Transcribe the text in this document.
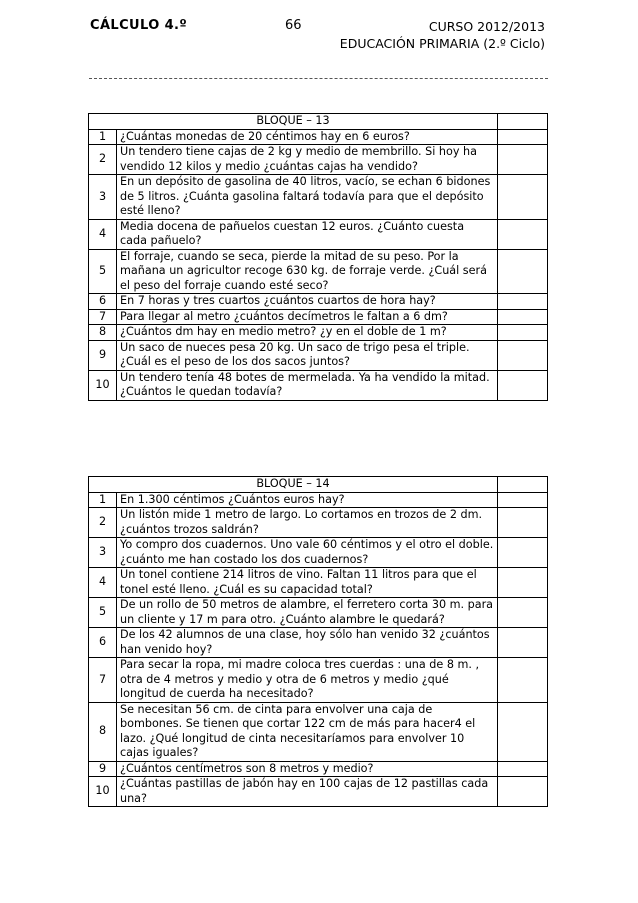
CÁLCULO 4.º	66	CURSO 2012/2013
EDUCACIÓN PRIMARIA (2.º Ciclo)
BLOQUE – 13		
1	¿Cuántas monedas de 20 céntimos hay en 6 euros?	
2	Un tendero tiene cajas de 2 kg y medio de membrillo. Si hoy ha vendido 12 kilos y medio ¿cuántas cajas ha vendido?	
3	En un depósito de gasolina de 40 litros, vacío, se echan 6 bidones de 5 litros. ¿Cuánta gasolina faltará todavía para que el depósito esté lleno?	
4	Media docena de pañuelos cuestan 12 euros. ¿Cuánto cuesta cada pañuelo?	
5	El forraje, cuando se seca, pierde la mitad de su peso. Por la mañana un agricultor recoge 630 kg. de forraje verde. ¿Cuál será el peso del forraje cuando esté seco?	
6	En 7 horas y tres cuartos ¿cuántos cuartos de hora hay?	
7	Para llegar al metro ¿cuántos decímetros le faltan a 6 dm?	
8	¿Cuántos dm hay en medio metro? ¿y en el doble de 1 m?	
9	Un saco de nueces pesa 20 kg. Un saco de trigo pesa el triple. ¿Cuál es el peso de los dos sacos juntos?	
10	Un tendero tenía 48 botes de mermelada. Ya ha vendido la mitad. ¿Cuántos le quedan todavía?	
BLOQUE – 14		
1	En 1.300 céntimos ¿Cuántos euros hay?	
2	Un listón mide 1 metro de largo. Lo cortamos en trozos de 2 dm. ¿cuántos trozos saldrán?	
3	Yo compro dos cuadernos. Uno vale 60 céntimos y el otro el doble. ¿cuánto me han costado los dos cuadernos?	
4	Un tonel contiene 214 litros de vino. Faltan 11 litros para que el tonel esté lleno. ¿Cuál es su capacidad total?	
5	De un rollo de 50 metros de alambre, el ferretero corta 30 m. para un cliente y 17 m para otro. ¿Cuánto alambre le quedará?	
6	De los 42 alumnos de una clase, hoy sólo han venido 32 ¿cuántos han venido hoy?	
7	Para secar la ropa, mi madre coloca tres cuerdas : una de 8 m. , otra de 4 metros y medio y otra de 6 metros y medio ¿qué longitud de cuerda ha necesitado?	
8	Se necesitan 56 cm. de cinta para envolver una caja de bombones. Se tienen que cortar 122 cm de más para hacer4 el lazo. ¿Qué longitud de cinta necesitaríamos para envolver 10 cajas iguales?	
9	¿Cuántos centímetros son 8 metros y medio?	
10	¿Cuántas pastillas de jabón hay en 100 cajas de 12 pastillas cada una?	
